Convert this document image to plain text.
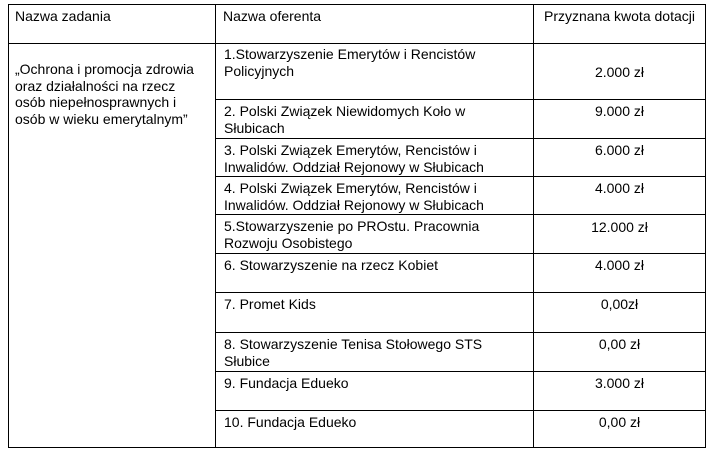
Nazwa zadania	Nazwa oferenta	Przyznana kwota dotacji

„Ochrona i promocja zdrowia oraz działalności na rzecz osób niepełnosprawnych i osób w wieku emerytalnym”	1.Stowarzyszenie Emerytów i Rencistów Policyjnych	2.000 zł

	2. Polski Związek Niewidomych Koło w Słubicach	9.000 zł

	3. Polski Związek Emerytów, Rencistów i Inwalidów. Oddział Rejonowy w Słubicach	6.000 zł

	4. Polski Związek Emerytów, Rencistów i Inwalidów. Oddział Rejonowy w Słubicach	4.000 zł

	5.Stowarzyszenie po PROstu. Pracownia Rozwoju Osobistego	12.000 zł

	6. Stowarzyszenie na rzecz Kobiet	4.000 zł

	7. Promet Kids	0,00zł

	8. Stowarzyszenie Tenisa Stołowego STS Słubice	0,00 zł

	9. Fundacja Edueko	3.000 zł

	10. Fundacja Edueko	0,00 zł
